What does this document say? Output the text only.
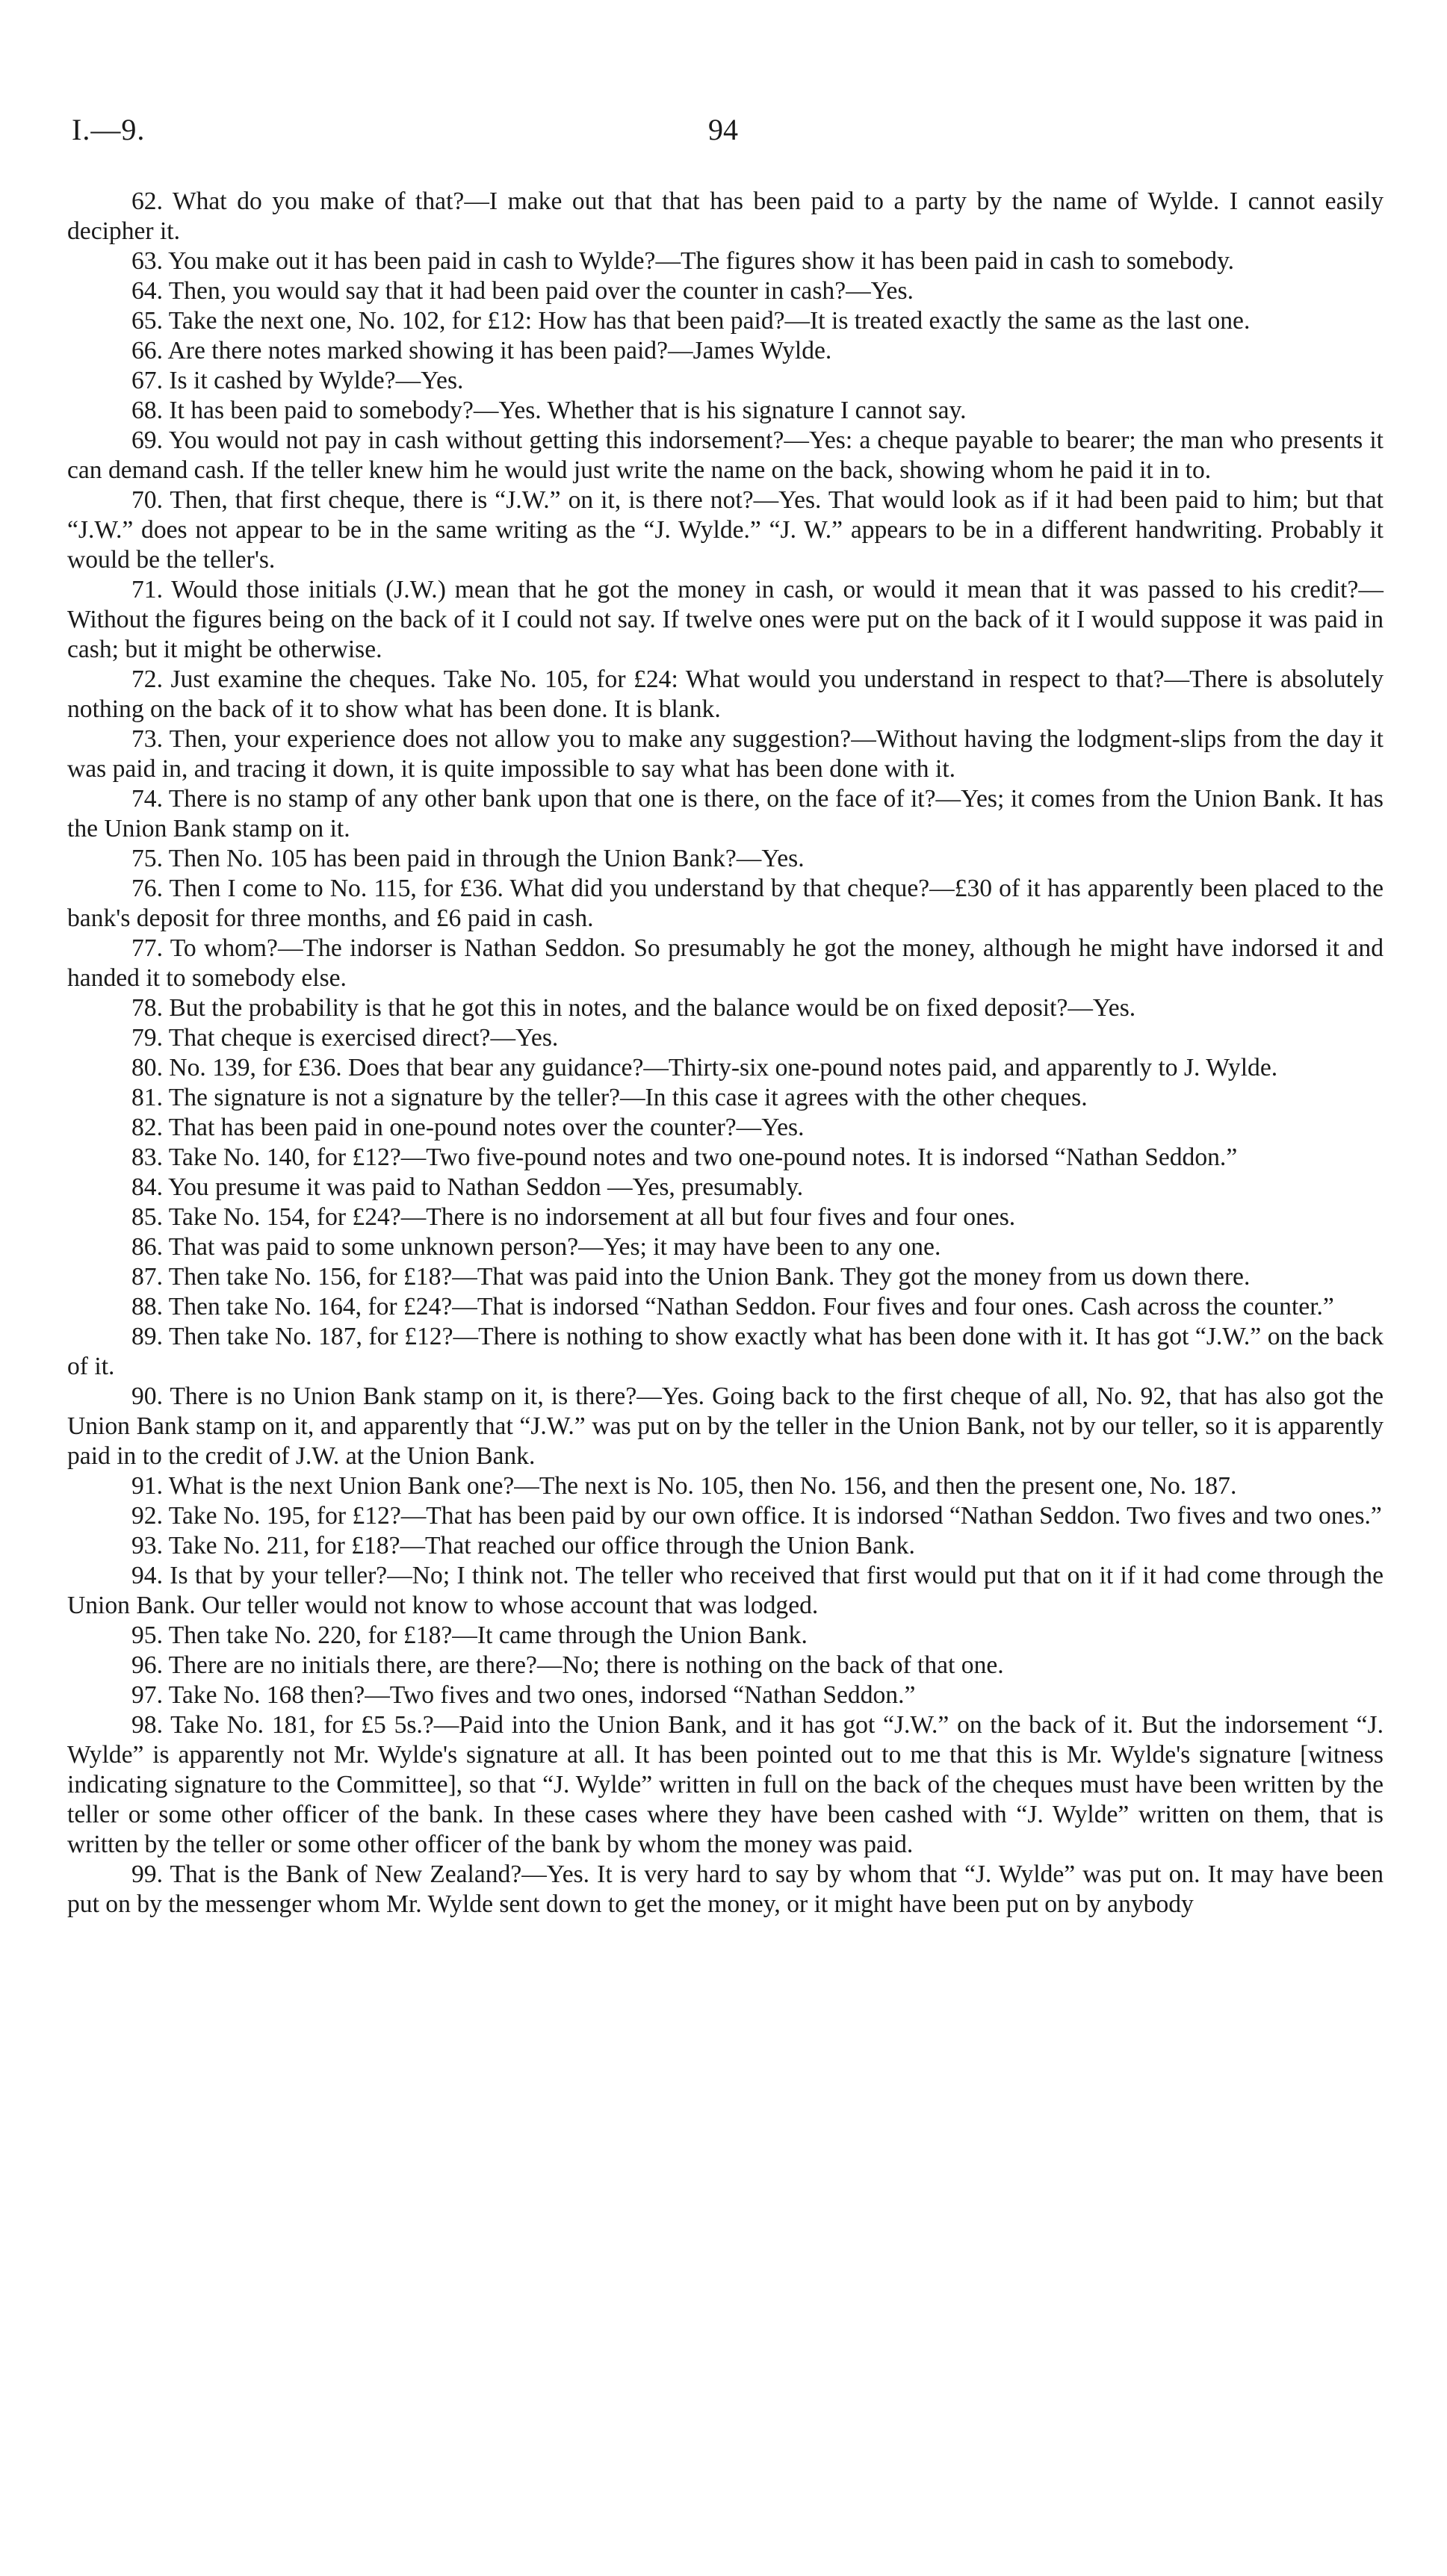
I.—9.	94

62. What do you make of that?—I make out that that has been paid to a party by the name of Wylde. I cannot easily decipher it.

63. You make out it has been paid in cash to Wylde?—The figures show it has been paid in cash to somebody.

64. Then, you would say that it had been paid over the counter in cash?—Yes.

65. Take the next one, No. 102, for £12: How has that been paid?—It is treated exactly the same as the last one.

66. Are there notes marked showing it has been paid?—James Wylde.

67. Is it cashed by Wylde?—Yes.

68. It has been paid to somebody?—Yes. Whether that is his signature I cannot say.

69. You would not pay in cash without getting this indorsement?—Yes: a cheque payable to bearer; the man who presents it can demand cash. If the teller knew him he would just write the name on the back, showing whom he paid it in to.

70. Then, that first cheque, there is “J.W.” on it, is there not?—Yes. That would look as if it had been paid to him; but that “J.W.” does not appear to be in the same writing as the “J. Wylde.” “J. W.” appears to be in a different handwriting. Probably it would be the teller's.

71. Would those initials (J.W.) mean that he got the money in cash, or would it mean that it was passed to his credit?—Without the figures being on the back of it I could not say. If twelve ones were put on the back of it I would suppose it was paid in cash; but it might be otherwise.

72. Just examine the cheques. Take No. 105, for £24: What would you understand in respect to that?—There is absolutely nothing on the back of it to show what has been done. It is blank.

73. Then, your experience does not allow you to make any suggestion?—Without having the lodgment-slips from the day it was paid in, and tracing it down, it is quite impossible to say what has been done with it.

74. There is no stamp of any other bank upon that one is there, on the face of it?—Yes; it comes from the Union Bank. It has the Union Bank stamp on it.

75. Then No. 105 has been paid in through the Union Bank?—Yes.

76. Then I come to No. 115, for £36. What did you understand by that cheque?—£30 of it has apparently been placed to the bank's deposit for three months, and £6 paid in cash.

77. To whom?—The indorser is Nathan Seddon. So presumably he got the money, although he might have indorsed it and handed it to somebody else.

78. But the probability is that he got this in notes, and the balance would be on fixed deposit?—Yes.

79. That cheque is exercised direct?—Yes.

80. No. 139, for £36. Does that bear any guidance?—Thirty-six one-pound notes paid, and apparently to J. Wylde.

81. The signature is not a signature by the teller?—In this case it agrees with the other cheques.

82. That has been paid in one-pound notes over the counter?—Yes.

83. Take No. 140, for £12?—Two five-pound notes and two one-pound notes. It is indorsed “Nathan Seddon.”

84. You presume it was paid to Nathan Seddon —Yes, presumably.

85. Take No. 154, for £24?—There is no indorsement at all but four fives and four ones.

86. That was paid to some unknown person?—Yes; it may have been to any one.

87. Then take No. 156, for £18?—That was paid into the Union Bank. They got the money from us down there.

88. Then take No. 164, for £24?—That is indorsed “Nathan Seddon. Four fives and four ones. Cash across the counter.”

89. Then take No. 187, for £12?—There is nothing to show exactly what has been done with it. It has got “J.W.” on the back of it.

90. There is no Union Bank stamp on it, is there?—Yes. Going back to the first cheque of all, No. 92, that has also got the Union Bank stamp on it, and apparently that “J.W.” was put on by the teller in the Union Bank, not by our teller, so it is apparently paid in to the credit of J.W. at the Union Bank.

91. What is the next Union Bank one?—The next is No. 105, then No. 156, and then the present one, No. 187.

92. Take No. 195, for £12?—That has been paid by our own office. It is indorsed “Nathan Seddon. Two fives and two ones.”

93. Take No. 211, for £18?—That reached our office through the Union Bank.

94. Is that by your teller?—No; I think not. The teller who received that first would put that on it if it had come through the Union Bank. Our teller would not know to whose account that was lodged.

95. Then take No. 220, for £18?—It came through the Union Bank.

96. There are no initials there, are there?—No; there is nothing on the back of that one.

97. Take No. 168 then?—Two fives and two ones, indorsed “Nathan Seddon.”

98. Take No. 181, for £5 5s.?—Paid into the Union Bank, and it has got “J.W.” on the back of it. But the indorsement “J. Wylde” is apparently not Mr. Wylde's signature at all. It has been pointed out to me that this is Mr. Wylde's signature [witness indicating signature to the Committee], so that “J. Wylde” written in full on the back of the cheques must have been written by the teller or some other officer of the bank. In these cases where they have been cashed with “J. Wylde” written on them, that is written by the teller or some other officer of the bank by whom the money was paid.

99. That is the Bank of New Zealand?—Yes. It is very hard to say by whom that “J. Wylde” was put on. It may have been put on by the messenger whom Mr. Wylde sent down to get the money, or it might have been put on by anybody
